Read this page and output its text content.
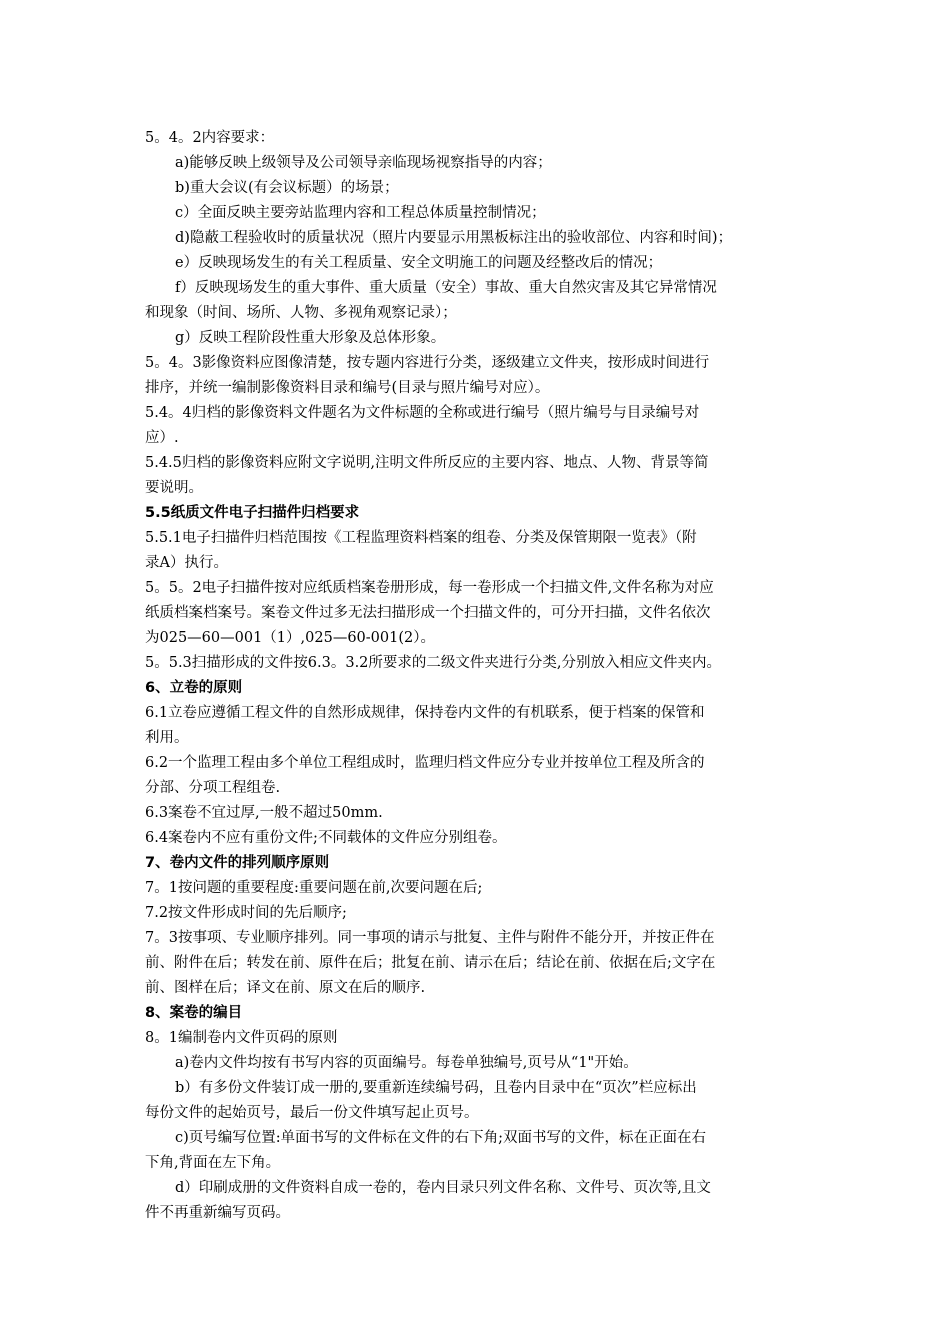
5。4。2内容要求：
a)能够反映上级领导及公司领导亲临现场视察指导的内容；
b)重大会议(有会议标题）的场景；
c）全面反映主要旁站监理内容和工程总体质量控制情况；
d)隐蔽工程验收时的质量状况（照片内要显示用黑板标注出的验收部位、内容和时间)；
e）反映现场发生的有关工程质量、安全文明施工的问题及经整改后的情况；
f）反映现场发生的重大事件、重大质量（安全）事故、重大自然灾害及其它异常情况
和现象（时间、场所、人物、多视角观察记录）；
g）反映工程阶段性重大形象及总体形象。
5。4。3影像资料应图像清楚，按专题内容进行分类，逐级建立文件夹，按形成时间进行
排序，并统一编制影像资料目录和编号(目录与照片编号对应）。
5.4。4归档的影像资料文件题名为文件标题的全称或进行编号（照片编号与目录编号对
应）.
5.4.5归档的影像资料应附文字说明,注明文件所反应的主要内容、地点、人物、背景等简
要说明。
5.5纸质文件电子扫描件归档要求
5.5.1电子扫描件归档范围按《工程监理资料档案的组卷、分类及保管期限一览表》（附
录A）执行。
5。5。2电子扫描件按对应纸质档案卷册形成，每一卷形成一个扫描文件,文件名称为对应
纸质档案档案号。案卷文件过多无法扫描形成一个扫描文件的，可分开扫描，文件名依次
为025—60—001（1）,025—60-001(2）。
5。5.3扫描形成的文件按6.3。3.2所要求的二级文件夹进行分类,分别放入相应文件夹内。
6、立卷的原则
6.1立卷应遵循工程文件的自然形成规律，保持卷内文件的有机联系，便于档案的保管和
利用。
6.2一个监理工程由多个单位工程组成时，监理归档文件应分专业并按单位工程及所含的
分部、分项工程组卷.
6.3案卷不宜过厚,一般不超过50mm.
6.4案卷内不应有重份文件;不同载体的文件应分别组卷。
7、卷内文件的排列顺序原则
7。1按问题的重要程度:重要问题在前,次要问题在后;
7.2按文件形成时间的先后顺序;
7。3按事项、专业顺序排列。同一事项的请示与批复、主件与附件不能分开，并按正件在
前、附件在后；转发在前、原件在后；批复在前、请示在后；结论在前、依据在后;文字在
前、图样在后；译文在前、原文在后的顺序.
8、案卷的编目
8。1编制卷内文件页码的原则
a)卷内文件均按有书写内容的页面编号。每卷单独编号,页号从“1"开始。
b）有多份文件装订成一册的,要重新连续编号码，且卷内目录中在“页次”栏应标出
每份文件的起始页号，最后一份文件填写起止页号。
c)页号编写位置:单面书写的文件标在文件的右下角;双面书写的文件，标在正面在右
下角,背面在左下角。
d）印刷成册的文件资料自成一卷的，卷内目录只列文件名称、文件号、页次等,且文
件不再重新编写页码。
